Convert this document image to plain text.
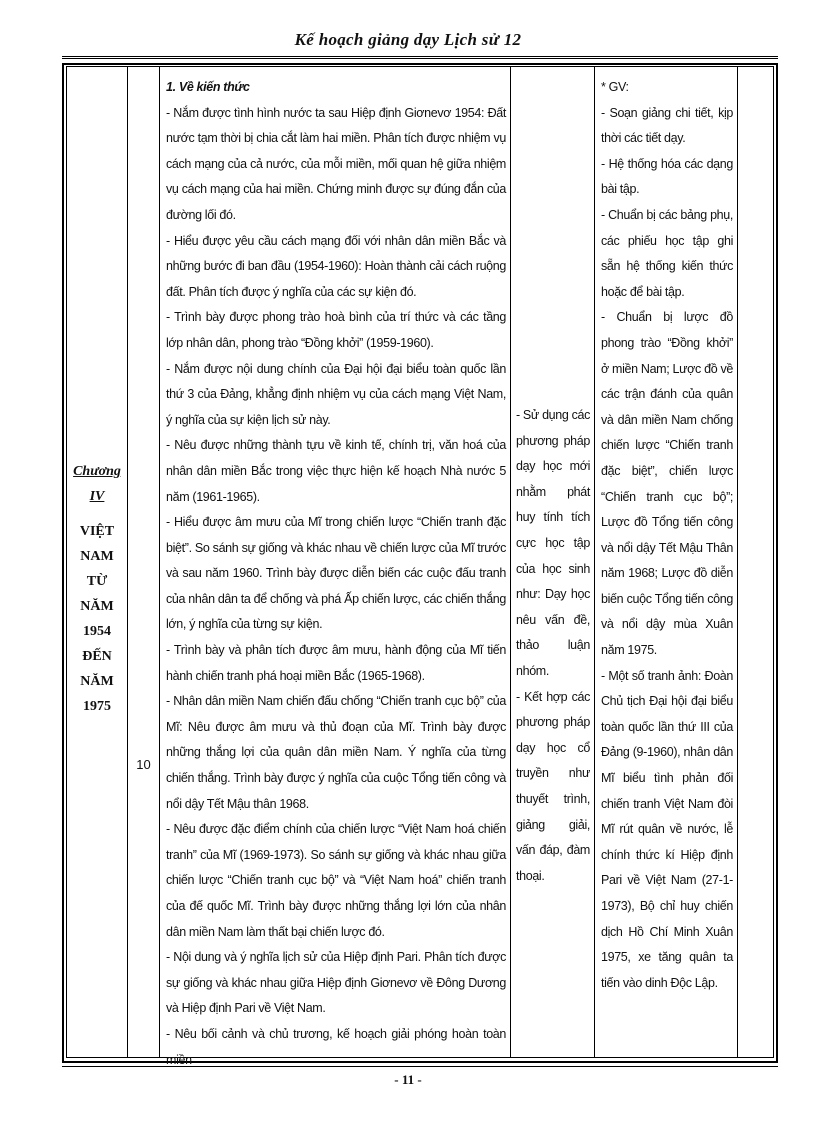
Kế hoạch giảng dạy Lịch sử 12
Chương
IV
VIỆT NAM TỪ NĂM 1954 ĐẾN NĂM 1975
10

1. Về kiến thức

- Nắm được tình hình nước ta sau Hiệp định Giơnevơ 1954: Đất nước tạm thời bị chia cắt làm hai miền. Phân tích được nhiệm vụ cách mạng của cả nước, của mỗi miền, mối quan hệ giữa nhiệm vụ cách mạng của hai miền. Chứng minh được sự đúng đắn của đường lối đó.

- Hiểu được yêu cầu cách mạng đối với nhân dân miền Bắc và những bước đi ban đầu (1954-1960): Hoàn thành cải cách ruộng đất. Phân tích được ý nghĩa của các sự kiện đó.

- Trình bày được phong trào hoà bình của trí thức và các tầng lớp nhân dân, phong trào “Đồng khởi” (1959-1960).

- Nắm được nội dung chính của Đại hội đại biểu toàn quốc lần thứ 3 của Đảng, khẳng định nhiệm vụ của cách mạng Việt Nam, ý nghĩa của sự kiện lịch sử này.

- Nêu được những thành tựu về kinh tế, chính trị, văn hoá của nhân dân miền Bắc trong việc thực hiện kế hoạch Nhà nước 5 năm (1961-1965).

- Hiểu được âm mưu của Mĩ trong chiến lược “Chiến tranh đặc biệt”. So sánh sự giống và khác nhau về chiến lược của Mĩ trước và sau năm 1960. Trình bày được diễn biến các cuộc đấu tranh của nhân dân ta để chống và phá Ấp chiến lược, các chiến thắng lớn, ý nghĩa của từng sự kiện.

- Trình bày và phân tích được âm mưu, hành động của Mĩ tiến hành chiến tranh phá hoại miền Bắc (1965-1968).

- Nhân dân miền Nam chiến đấu chống “Chiến tranh cục bộ” của Mĩ: Nêu được âm mưu và thủ đoạn của Mĩ. Trình bày được những thắng lợi của quân dân miền Nam. Ý nghĩa của từng chiến thắng. Trình bày được ý nghĩa của cuộc Tổng tiến công và nổi dậy Tết Mậu thân 1968.

- Nêu được đặc điểm chính của chiến lược “Việt Nam hoá chiến tranh” của Mĩ (1969-1973). So sánh sự giống và khác nhau giữa chiến lược “Chiến tranh cục bộ” và “Việt Nam hoá” chiến tranh của đế quốc Mĩ. Trình bày được những thắng lợi lớn của nhân dân miền Nam làm thất bại chiến lược đó.

- Nội dung và ý nghĩa lịch sử của Hiệp định Pari. Phân tích được sự giống và khác nhau giữa Hiệp định Giơnevơ về Đông Dương và Hiệp định Pari về Việt Nam.

- Nêu bối cảnh và chủ trương, kế hoạch giải phóng hoàn toàn miền

- Sử dụng các phương pháp dạy học mới nhằm phát huy tính tích cực học tập của học sinh như: Dạy học nêu vấn đề, thảo luận nhóm.

- Kết hợp các phương pháp dạy học cổ truyền như thuyết trình, giảng giải, vấn đáp, đàm thoại.

* GV:

- Soạn giảng chi tiết, kịp thời các tiết dạy.

- Hệ thống hóa các dạng bài tập.

- Chuẩn bị các bảng phụ, các phiếu học tập ghi sẵn hệ thống kiến thức hoặc để bài tập.

- Chuẩn bị lược đồ phong trào “Đồng khởi” ở miền Nam; Lược đồ về các trận đánh của quân và dân miền Nam chống chiến lược “Chiến tranh đặc biệt”, chiến lược “Chiến tranh cục bộ”; Lược đồ Tổng tiến công và nổi dậy Tết Mậu Thân năm 1968; Lược đồ diễn biến cuộc Tổng tiến công và nổi dậy mùa Xuân năm 1975.

- Một số tranh ảnh: Đoàn Chủ tịch Đại hội đại biểu toàn quốc lần thứ III của Đảng (9-1960), nhân dân Mĩ biểu tình phản đối chiến tranh Việt Nam đòi Mĩ rút quân về nước, lễ chính thức kí Hiệp định Pari về Việt Nam (27-1-1973), Bộ chỉ huy chiến dịch Hồ Chí Minh Xuân 1975, xe tăng quân ta tiến vào dinh Độc Lập.

- 11 -
